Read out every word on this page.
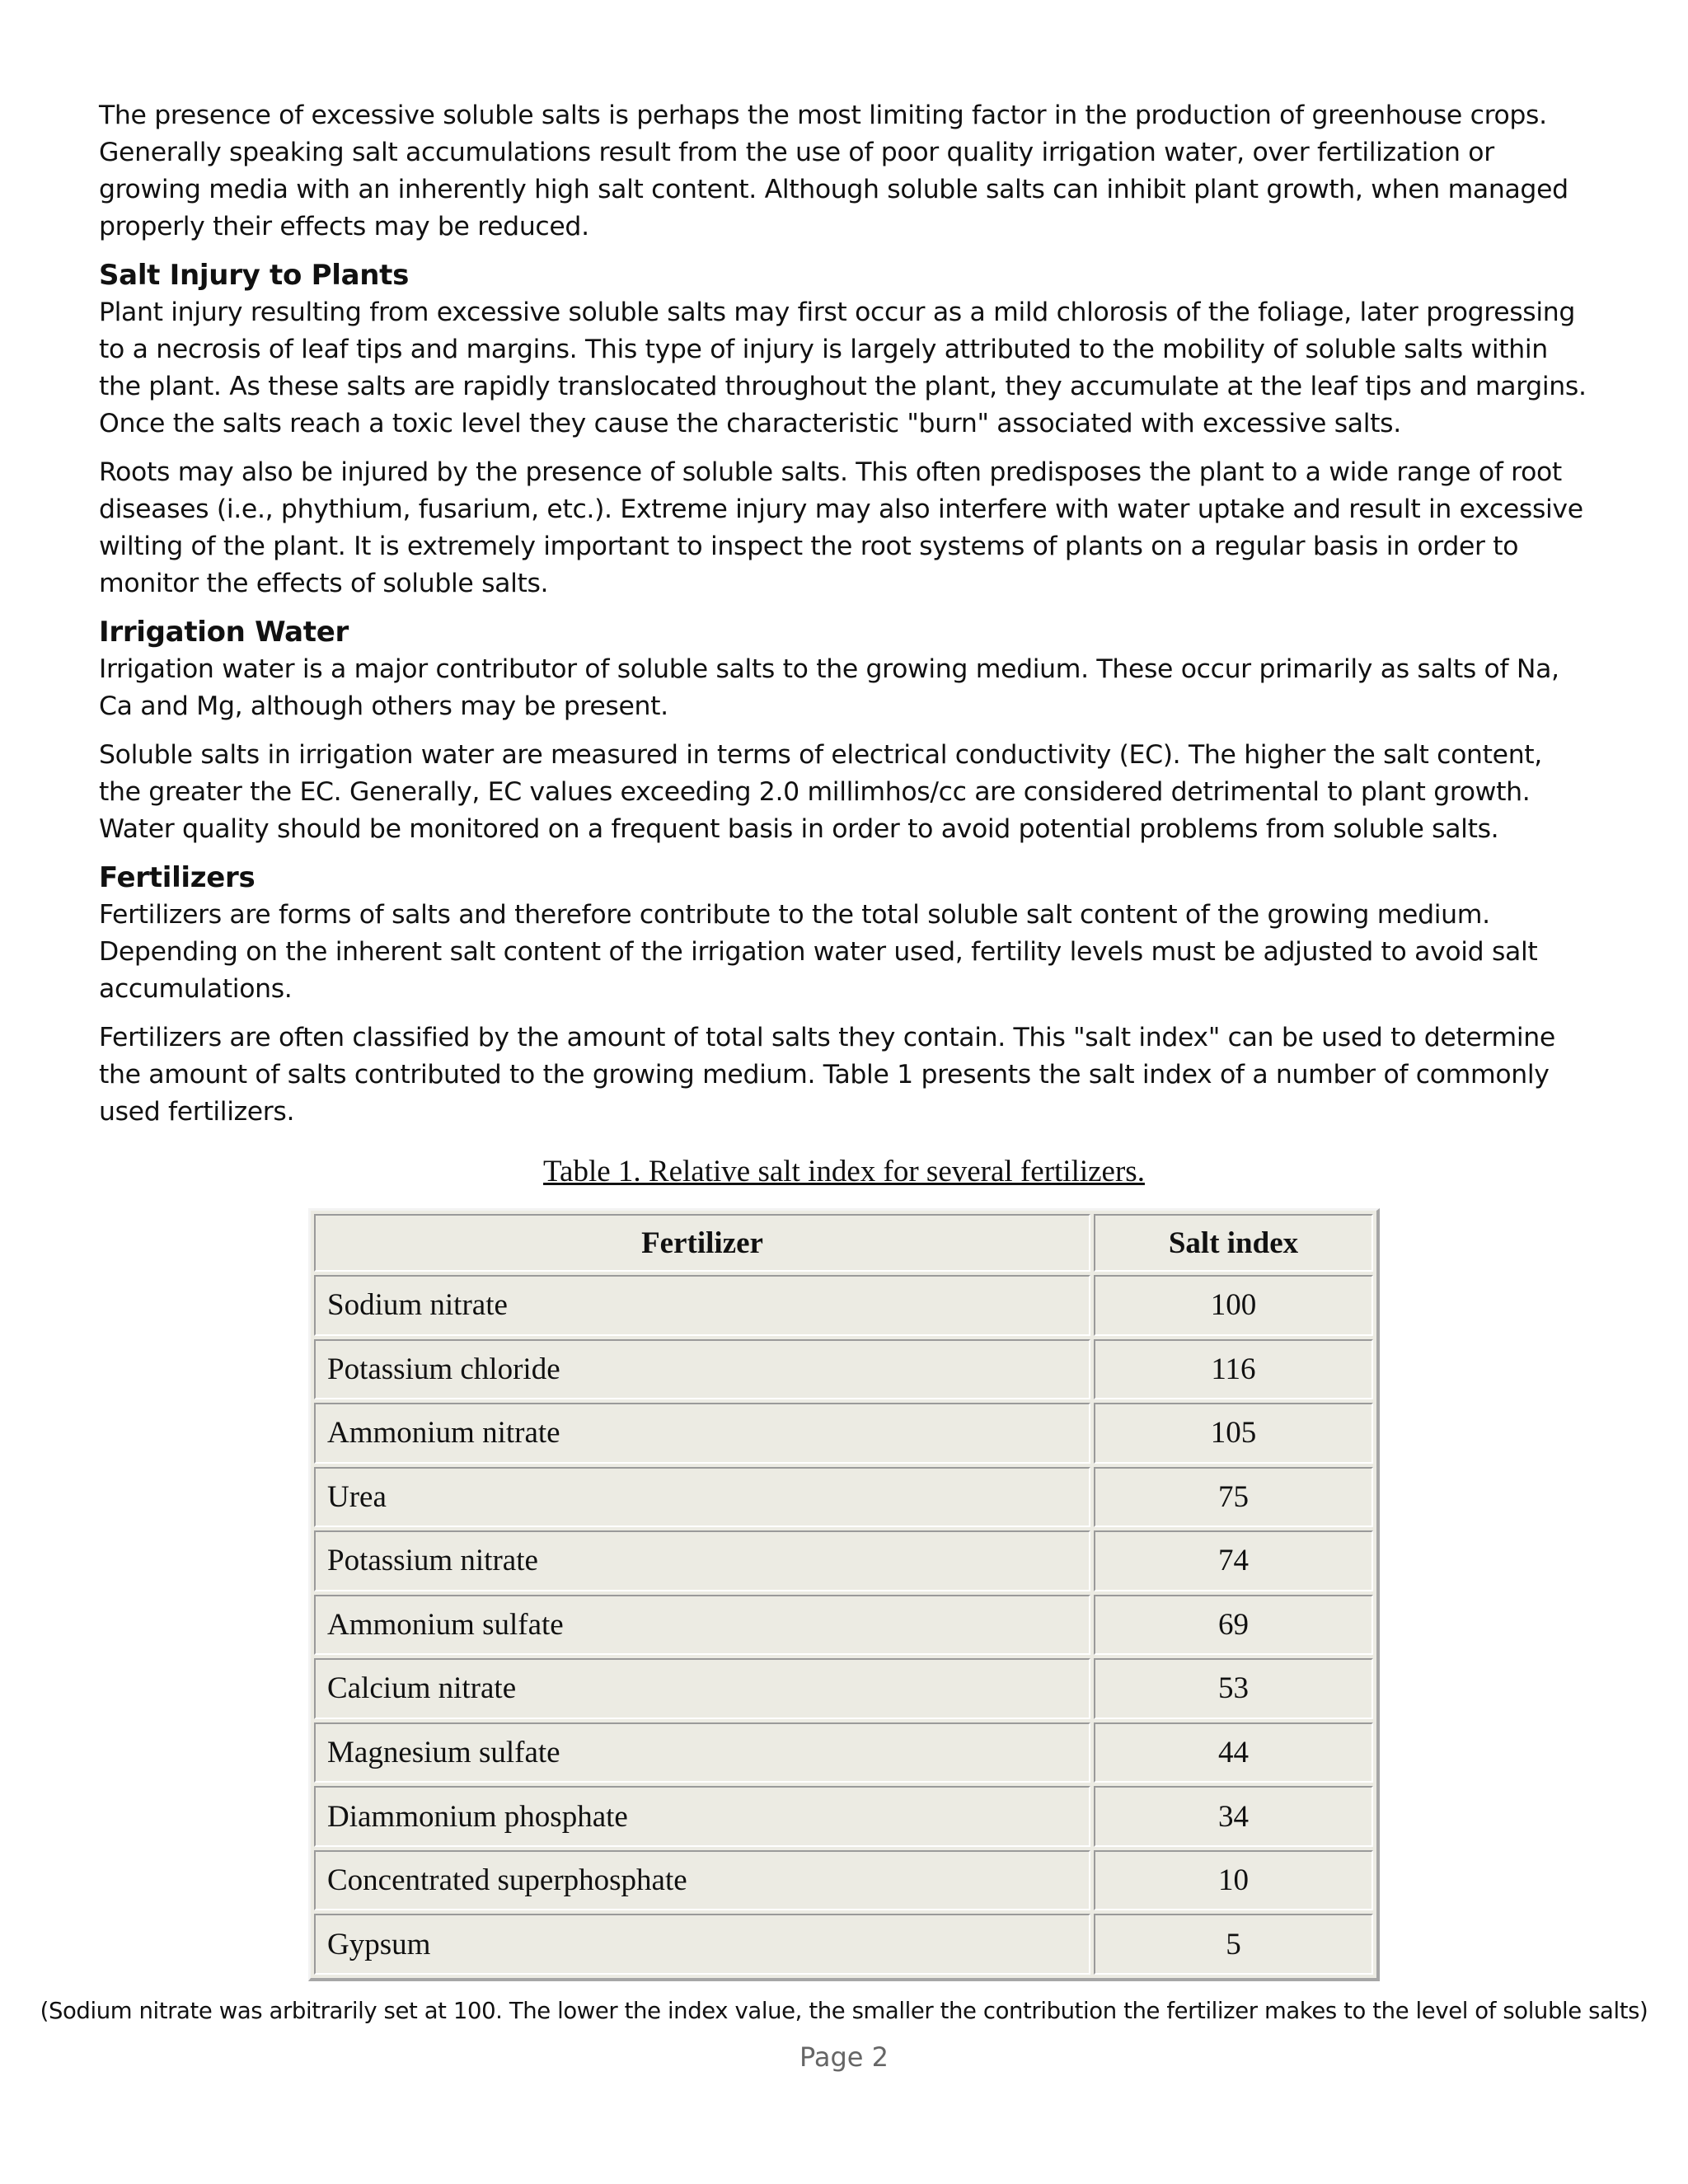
The presence of excessive soluble salts is perhaps the most limiting factor in the production of greenhouse crops. Generally speaking salt accumulations result from the use of poor quality irrigation water, over fertilization or growing media with an inherently high salt content. Although soluble salts can inhibit plant growth, when managed properly their effects may be reduced.

Salt Injury to Plants

Plant injury resulting from excessive soluble salts may first occur as a mild chlorosis of the foliage, later progressing to a necrosis of leaf tips and margins. This type of injury is largely attributed to the mobility of soluble salts within the plant. As these salts are rapidly translocated throughout the plant, they accumulate at the leaf tips and margins. Once the salts reach a toxic level they cause the characteristic "burn" associated with excessive salts.

Roots may also be injured by the presence of soluble salts. This often predisposes the plant to a wide range of root diseases (i.e., phythium, fusarium, etc.). Extreme injury may also interfere with water uptake and result in excessive wilting of the plant. It is extremely important to inspect the root systems of plants on a regular basis in order to monitor the effects of soluble salts.

Irrigation Water

Irrigation water is a major contributor of soluble salts to the growing medium. These occur primarily as salts of Na, Ca and Mg, although others may be present.

Soluble salts in irrigation water are measured in terms of electrical conductivity (EC). The higher the salt content, the greater the EC. Generally, EC values exceeding 2.0 millimhos/cc are considered detrimental to plant growth. Water quality should be monitored on a frequent basis in order to avoid potential problems from soluble salts.

Fertilizers

Fertilizers are forms of salts and therefore contribute to the total soluble salt content of the growing medium. Depending on the inherent salt content of the irrigation water used, fertility levels must be adjusted to avoid salt accumulations.

Fertilizers are often classified by the amount of total salts they contain. This "salt index" can be used to determine the amount of salts contributed to the growing medium. Table 1 presents the salt index of a number of commonly used fertilizers.

Table 1. Relative salt index for several fertilizers.
Fertilizer	Salt index
Sodium nitrate	100
Potassium chloride	116
Ammonium nitrate	105
Urea	75
Potassium nitrate	74
Ammonium sulfate	69
Calcium nitrate	53
Magnesium sulfate	44
Diammonium phosphate	34
Concentrated superphosphate	10
Gypsum	5
(Sodium nitrate was arbitrarily set at 100. The lower the index value, the smaller the contribution the fertilizer makes to the level of soluble salts)
Page 2
